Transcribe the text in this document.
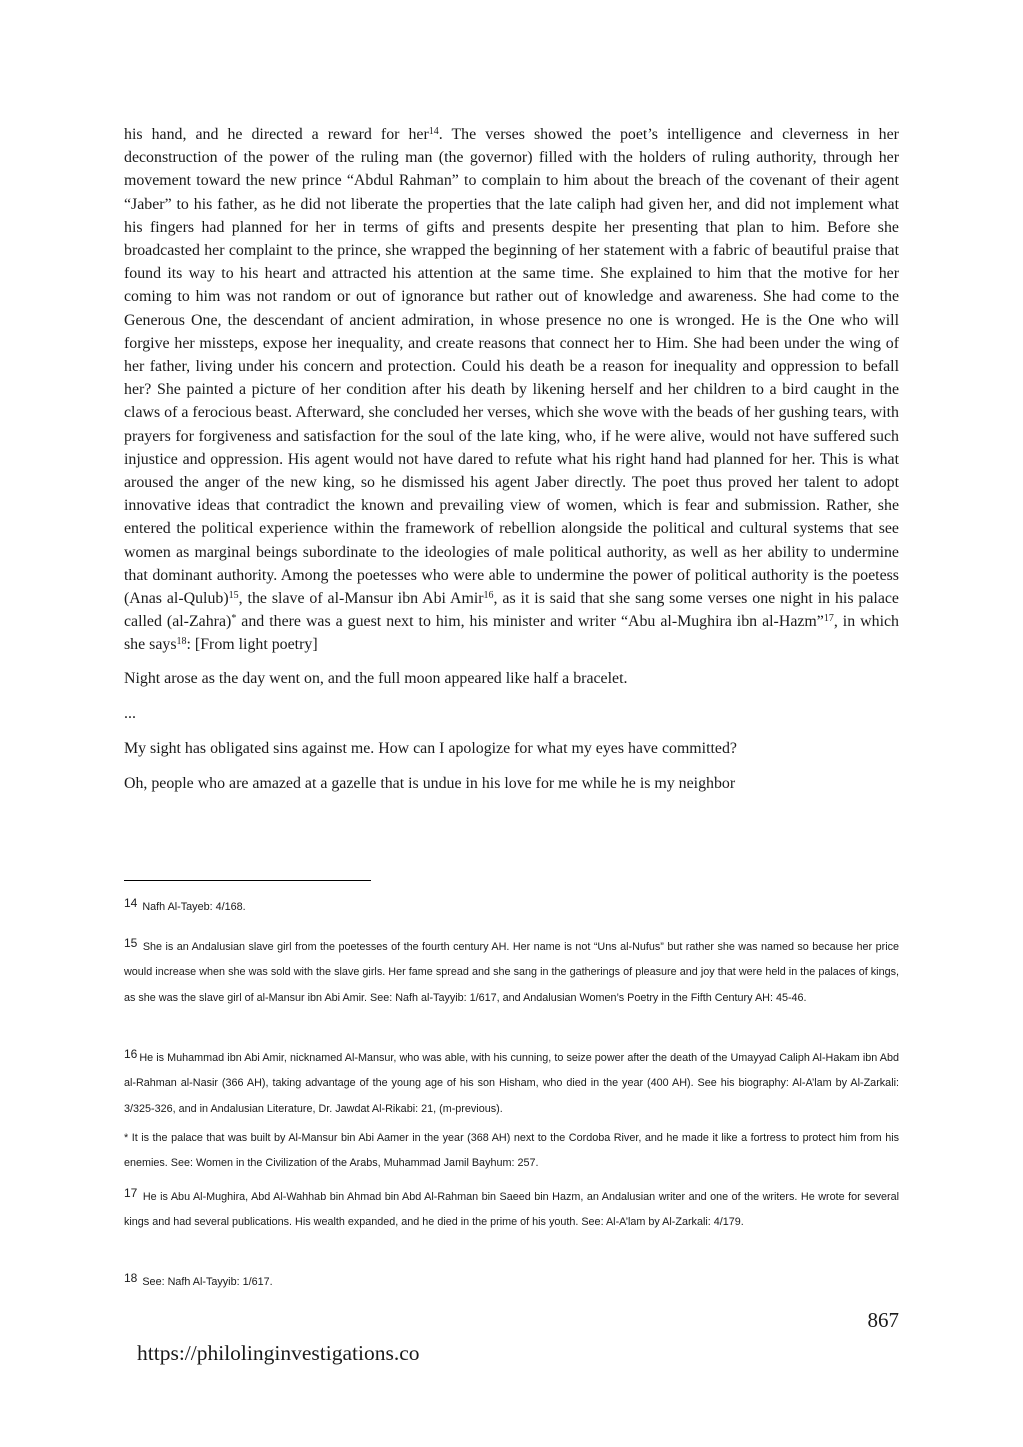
his hand, and he directed a reward for her$^{14}$. The verses showed the poet’s intelligence and cleverness in her deconstruction of the power of the ruling man (the governor) filled with the holders of ruling authority, through her movement toward the new prince “Abdul Rahman” to complain to him about the breach of the covenant of their agent “Jaber” to his father, as he did not liberate the properties that the late caliph had given her, and did not implement what his fingers had planned for her in terms of gifts and presents despite her presenting that plan to him. Before she broadcasted her complaint to the prince, she wrapped the beginning of her statement with a fabric of beautiful praise that found its way to his heart and attracted his attention at the same time. She explained to him that the motive for her coming to him was not random or out of ignorance but rather out of knowledge and awareness. She had come to the Generous One, the descendant of ancient admiration, in whose presence no one is wronged. He is the One who will forgive her missteps, expose her inequality, and create reasons that connect her to Him. She had been under the wing of her father, living under his concern and protection. Could his death be a reason for inequality and oppression to befall her? She painted a picture of her condition after his death by likening herself and her children to a bird caught in the claws of a ferocious beast. Afterward, she concluded her verses, which she wove with the beads of her gushing tears, with prayers for forgiveness and satisfaction for the soul of the late king, who, if he were alive, would not have suffered such injustice and oppression. His agent would not have dared to refute what his right hand had planned for her. This is what aroused the anger of the new king, so he dismissed his agent Jaber directly. The poet thus proved her talent to adopt innovative ideas that contradict the known and prevailing view of women, which is fear and submission. Rather, she entered the political experience within the framework of rebellion alongside the political and cultural systems that see women as marginal beings subordinate to the ideologies of male political authority, as well as her ability to undermine that dominant authority. Among the poetesses who were able to undermine the power of political authority is the poetess (Anas al-Qulub)$^{15}$, the slave of al-Mansur ibn Abi Amir$^{16}$, as it is said that she sang some verses one night in his palace called (al-Zahra)* and there was a guest next to him, his minister and writer “Abu al-Mughira ibn al-Hazm”$^{17}$, in which she says$^{18}$: [From light poetry]

Night arose as the day went on, and the full moon appeared like half a bracelet.

...

My sight has obligated sins against me. How can I apologize for what my eyes have committed?

Oh, people who are amazed at a gazelle that is undue in his love for me while he is my neighbor

14 Nafh Al-Tayeb: 4/168.

15 She is an Andalusian slave girl from the poetesses of the fourth century AH. Her name is not “Uns al-Nufus” but rather she was named so because her price would increase when she was sold with the slave girls. Her fame spread and she sang in the gatherings of pleasure and joy that were held in the palaces of kings, as she was the slave girl of al-Mansur ibn Abi Amir. See: Nafh al-Tayyib: 1/617, and Andalusian Women’s Poetry in the Fifth Century AH: 45-46.

16 He is Muhammad ibn Abi Amir, nicknamed Al-Mansur, who was able, with his cunning, to seize power after the death of the Umayyad Caliph Al-Hakam ibn Abd al-Rahman al-Nasir (366 AH), taking advantage of the young age of his son Hisham, who died in the year (400 AH). See his biography: Al-A’lam by Al-Zarkali: 3/325-326, and in Andalusian Literature, Dr. Jawdat Al-Rikabi: 21, (m-previous).

* It is the palace that was built by Al-Mansur bin Abi Aamer in the year (368 AH) next to the Cordoba River, and he made it like a fortress to protect him from his enemies. See: Women in the Civilization of the Arabs, Muhammad Jamil Bayhum: 257.

17 He is Abu Al-Mughira, Abd Al-Wahhab bin Ahmad bin Abd Al-Rahman bin Saeed bin Hazm, an Andalusian writer and one of the writers. He wrote for several kings and had several publications. His wealth expanded, and he died in the prime of his youth. See: Al-A’lam by Al-Zarkali: 4/179.

18 See: Nafh Al-Tayyib: 1/617.

867
https://philolinginvestigations.co
